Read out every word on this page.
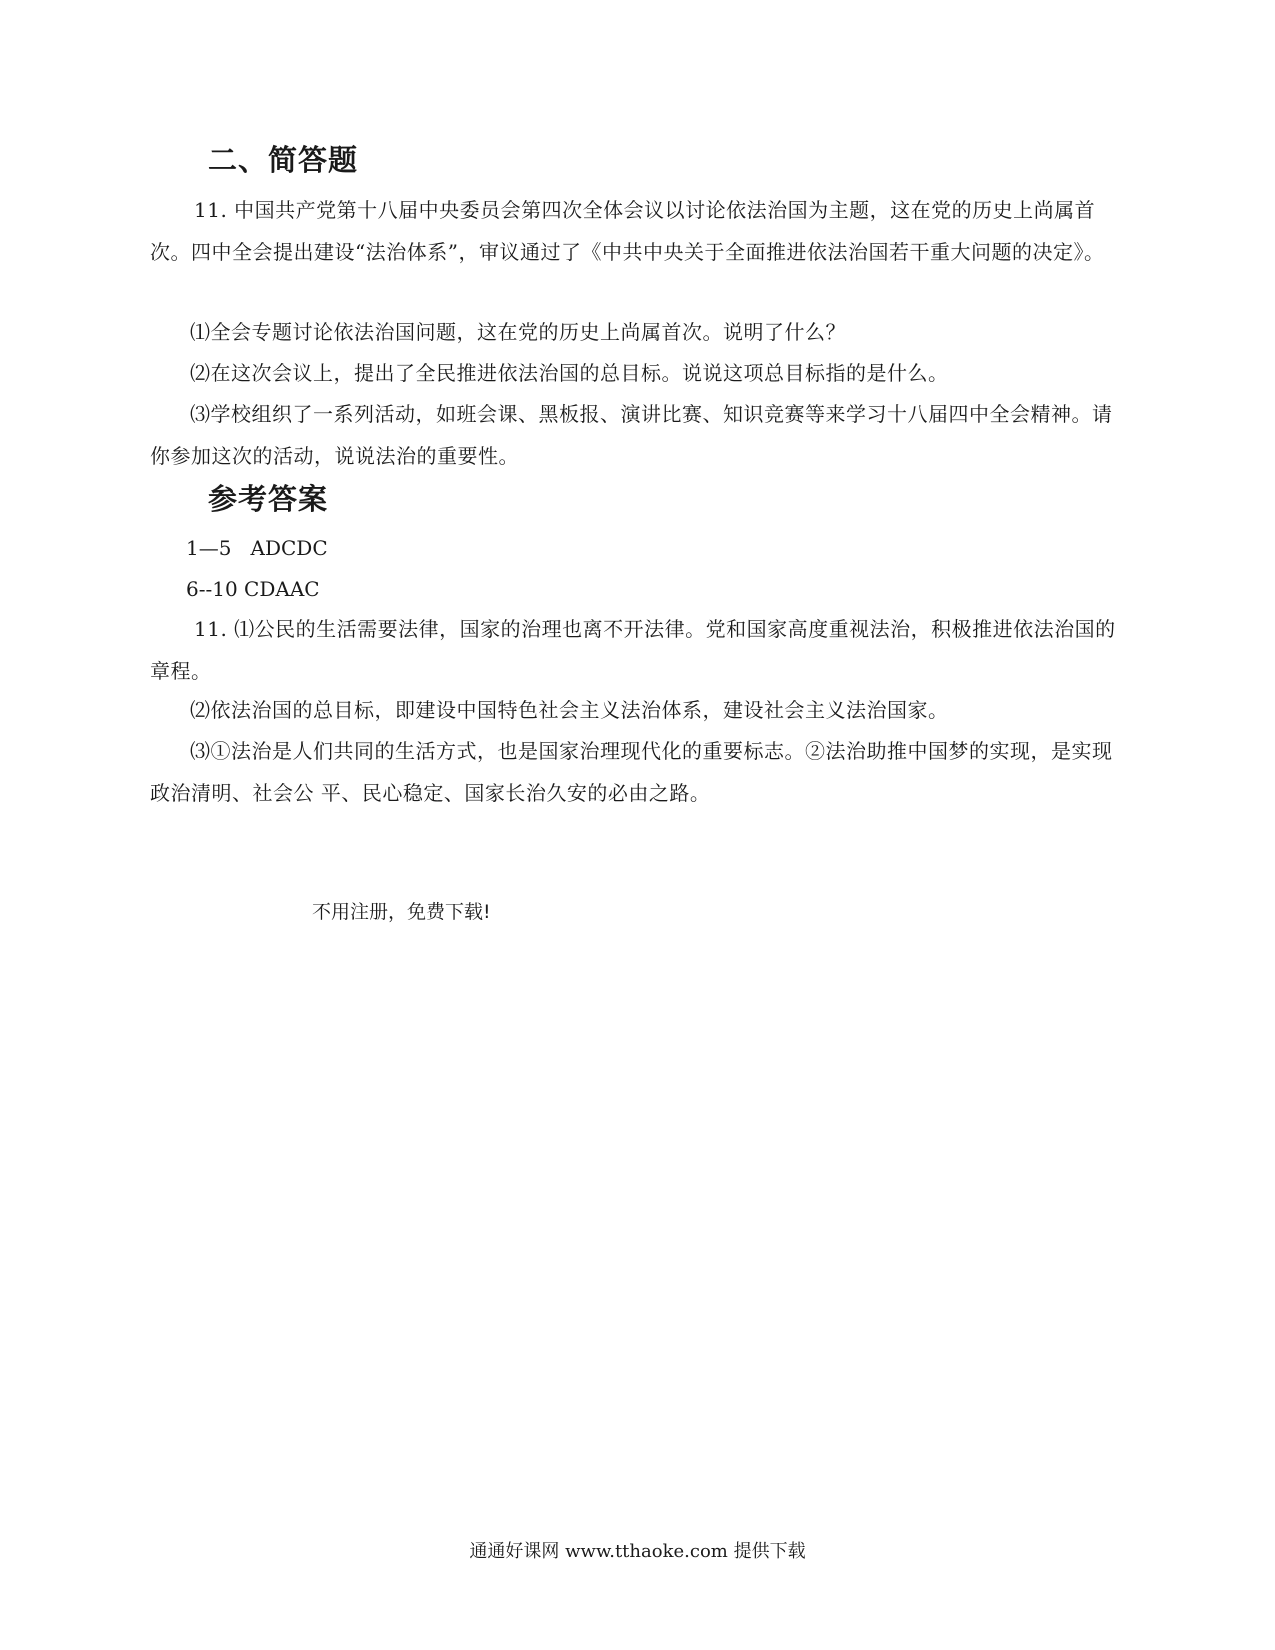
二、简答题
11. 中国共产党第十八届中央委员会第四次全体会议以讨论依法治国为主题，这在党的历史上尚属首次。四中全会提出建设“法治体系”，审议通过了《中共中央关于全面推进依法治国若干重大问题的决定》。
⑴全会专题讨论依法治国问题，这在党的历史上尚属首次。说明了什么？
⑵在这次会议上，提出了全民推进依法治国的总目标。说说这项总目标指的是什么。
⑶学校组织了一系列活动，如班会课、黑板报、演讲比赛、知识竞赛等来学习十八届四中全会精神。请你参加这次的活动，说说法治的重要性。
参考答案
1—5   ADCDC
6--10 CDAAC
11. ⑴公民的生活需要法律，国家的治理也离不开法律。党和国家高度重视法治，积极推进依法治国的章程。
⑵依法治国的总目标，即建设中国特色社会主义法治体系，建设社会主义法治国家。
⑶①法治是人们共同的生活方式，也是国家治理现代化的重要标志。②法治助推中国梦的实现，是实现政治清明、社会公 平、民心稳定、国家长治久安的必由之路。
不用注册，免费下载!
通通好课网 www.tthaoke.com 提供下载
